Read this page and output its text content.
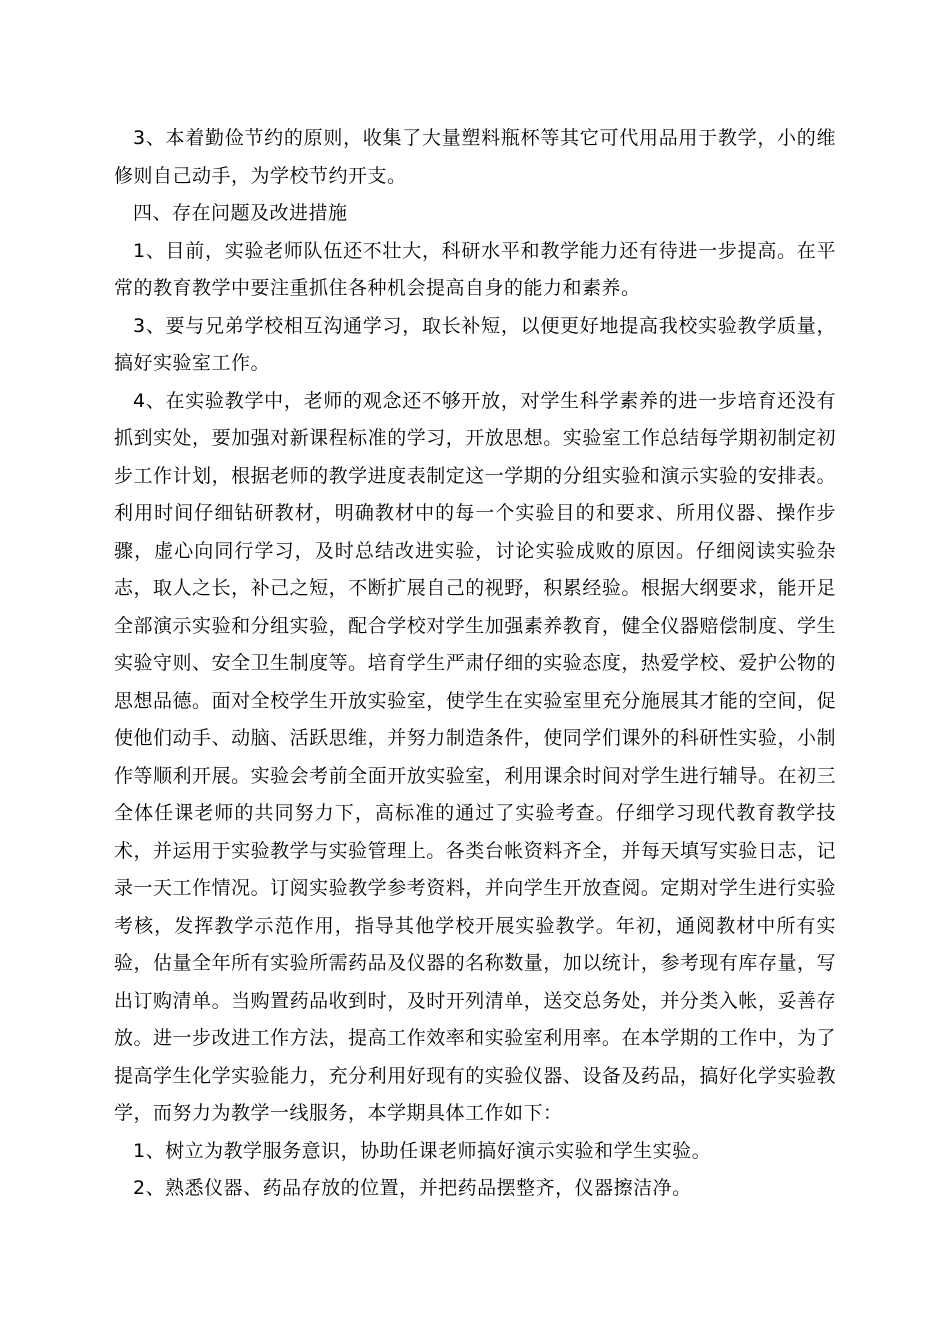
3、本着勤俭节约的原则，收集了大量塑料瓶杯等其它可代用品用于教学，小的维修则自己动手，为学校节约开支。

四、存在问题及改进措施

1、目前，实验老师队伍还不壮大，科研水平和教学能力还有待进一步提高。在平常的教育教学中要注重抓住各种机会提高自身的能力和素养。

3、要与兄弟学校相互沟通学习，取长补短，以便更好地提高我校实验教学质量，搞好实验室工作。

4、在实验教学中，老师的观念还不够开放，对学生科学素养的进一步培育还没有抓到实处，要加强对新课程标准的学习，开放思想。实验室工作总结每学期初制定初步工作计划，根据老师的教学进度表制定这一学期的分组实验和演示实验的安排表。利用时间仔细钻研教材，明确教材中的每一个实验目的和要求、所用仪器、操作步骤，虚心向同行学习，及时总结改进实验，讨论实验成败的原因。仔细阅读实验杂志，取人之长，补己之短，不断扩展自己的视野，积累经验。根据大纲要求，能开足全部演示实验和分组实验，配合学校对学生加强素养教育，健全仪器赔偿制度、学生实验守则、安全卫生制度等。培育学生严肃仔细的实验态度，热爱学校、爱护公物的思想品德。面对全校学生开放实验室，使学生在实验室里充分施展其才能的空间，促使他们动手、动脑、活跃思维，并努力制造条件，使同学们课外的科研性实验，小制作等顺利开展。实验会考前全面开放实验室，利用课余时间对学生进行辅导。在初三全体任课老师的共同努力下，高标准的通过了实验考查。仔细学习现代教育教学技术，并运用于实验教学与实验管理上。各类台帐资料齐全，并每天填写实验日志，记录一天工作情况。订阅实验教学参考资料，并向学生开放查阅。定期对学生进行实验考核，发挥教学示范作用，指导其他学校开展实验教学。年初，通阅教材中所有实验，估量全年所有实验所需药品及仪器的名称数量，加以统计，参考现有库存量，写出订购清单。当购置药品收到时，及时开列清单，送交总务处，并分类入帐，妥善存放。进一步改进工作方法，提高工作效率和实验室利用率。在本学期的工作中，为了提高学生化学实验能力，充分利用好现有的实验仪器、设备及药品，搞好化学实验教学，而努力为教学一线服务，本学期具体工作如下：

1、树立为教学服务意识，协助任课老师搞好演示实验和学生实验。

2、熟悉仪器、药品存放的位置，并把药品摆整齐，仪器擦洁净。
